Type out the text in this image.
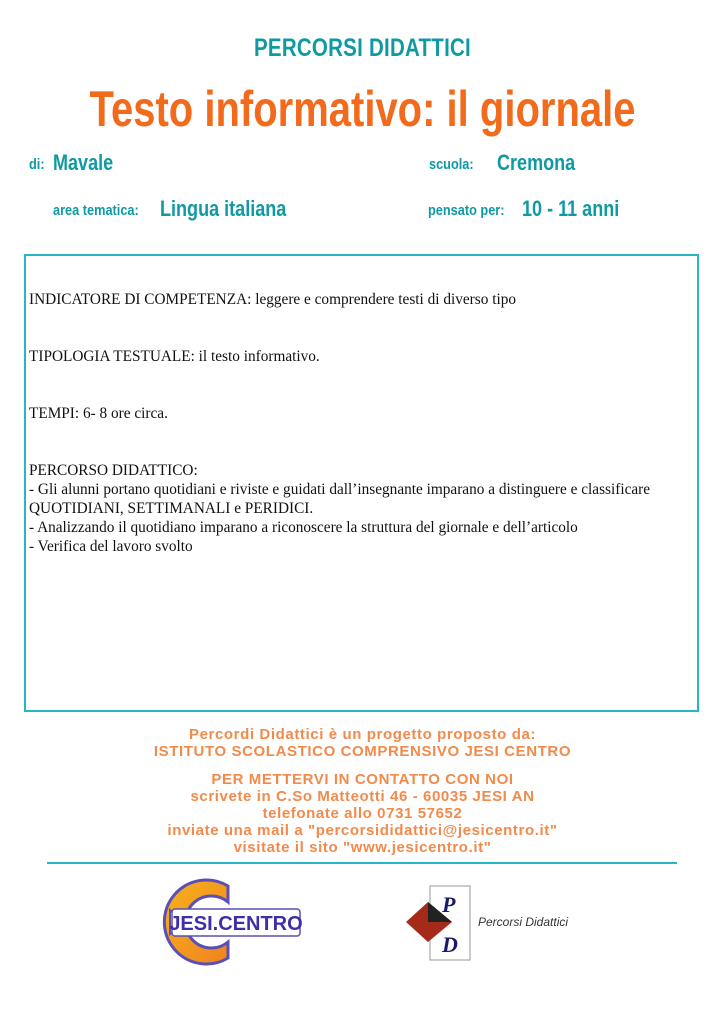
PERCORSI DIDATTICI
Testo informativo: il giornale
di: Mavale	scuola: Cremona
area tematica: Lingua italiana	pensato per: 10 - 11 anni

INDICATORE DI COMPETENZA: leggere e comprendere testi di diverso tipo

TIPOLOGIA TESTUALE: il testo informativo.

TEMPI: 6- 8 ore circa.

PERCORSO DIDATTICO:

- Gli alunni portano quotidiani e riviste e guidati dall’insegnante imparano a distinguere e classificare QUOTIDIANI, SETTIMANALI e PERIDICI.

- Analizzando il quotidiano imparano a riconoscere la struttura del giornale e dell’articolo

- Verifica del lavoro svolto

Percordi Didattici è un progetto proposto da:

ISTITUTO SCOLASTICO COMPRENSIVO JESI CENTRO

PER METTERVI IN CONTATTO CON NOI

scrivete in C.So Matteotti 46 - 60035 JESI AN

telefonate allo 0731 57652

inviate una mail a "percorsididattici@jesicentro.it"

visitate il sito "www.jesicentro.it"

JESI.CENTRO
P
D
Percorsi Didattici
